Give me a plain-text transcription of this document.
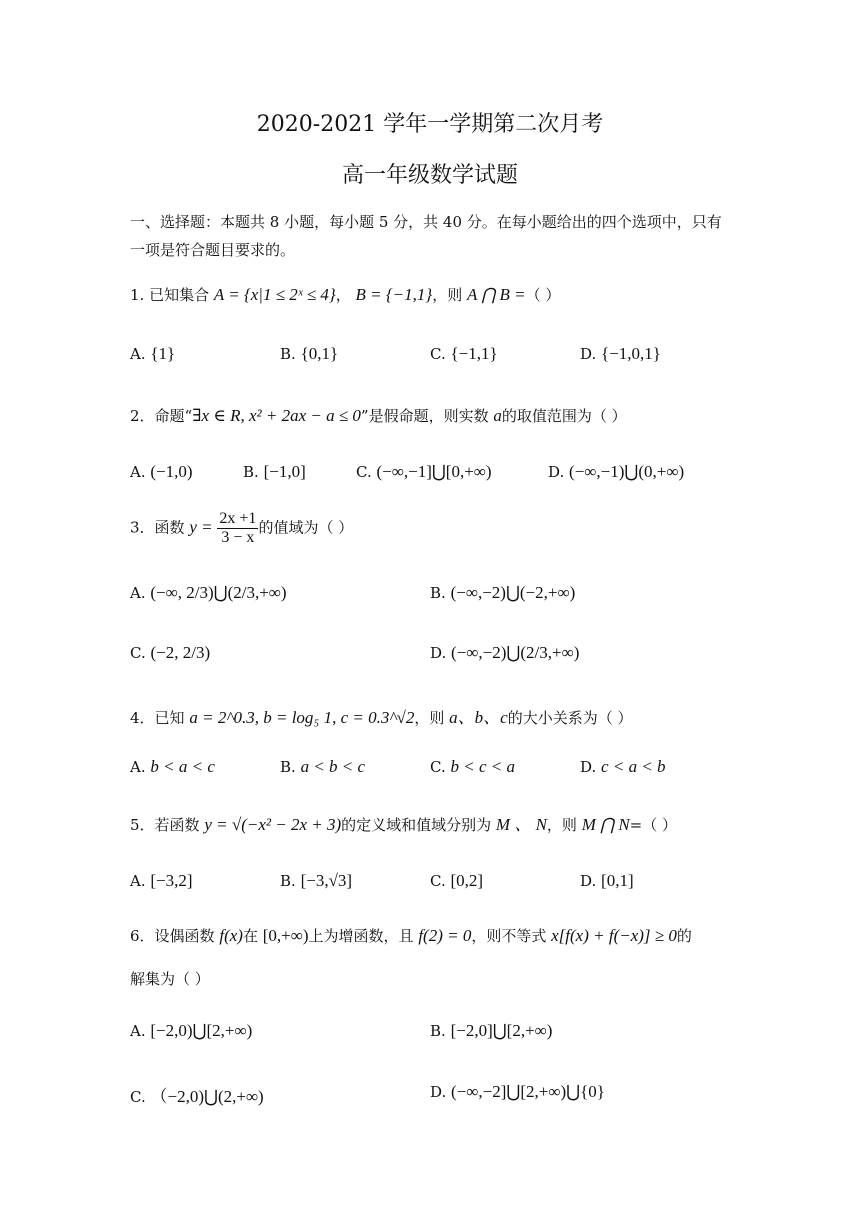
2020-2021 学年一学期第二次月考
高一年级数学试题
一、选择题：本题共 8 小题，每小题 5 分，共 40 分。在每小题给出的四个选项中，只有一项是符合题目要求的。
1. 已知集合 A = {x|1 ≤ 2ˣ ≤ 4}， B = {−1,1}，则 A ⋂ B =（ ）
A. {1}	B. {0,1}	C. {−1,1}	D. {−1,0,1}
2．命题“∃x ∈ R, x² + 2ax − a ≤ 0”是假命题，则实数 a的取值范围为（ ）
A. (−1,0)	B. [−1,0]	C. (−∞,−1]⋃[0,+∞)	D. (−∞,−1)⋃(0,+∞)
3．函数 $y = \frac{2x +1}{3 - x}$ 的值域为（ ）
A. (−∞, 2/3)⋃(2/3,+∞)	B. (−∞,−2)⋃(−2,+∞)
C. (−2, 2/3)	D. (−∞,−2)⋃(2/3,+∞)
4．已知 a = 2^0.3, b = log₅ 1, c = 0.3^√2，则 a、b、c的大小关系为（ ）
A. b < a < c	B. a < b < c	C. b < c < a	D. c < a < b
5．若函数 y = √(−x² − 2x + 3)的定义域和值域分别为 M 、 N，则 M ⋂ N=（ ）
A. [−3,2]	B. [−3,√3]	C. [0,2]	D. [0,1]
6．设偶函数 f(x)在 [0,+∞)上为增函数，且 f(2) = 0，则不等式 x[f(x) + f(−x)] ≥ 0的
解集为（ ）
A. [−2,0)⋃[2,+∞)	B. [−2,0]⋃[2,+∞)
C. （−2,0)⋃(2,+∞)	D. (−∞,−2]⋃[2,+∞)⋃{0}
